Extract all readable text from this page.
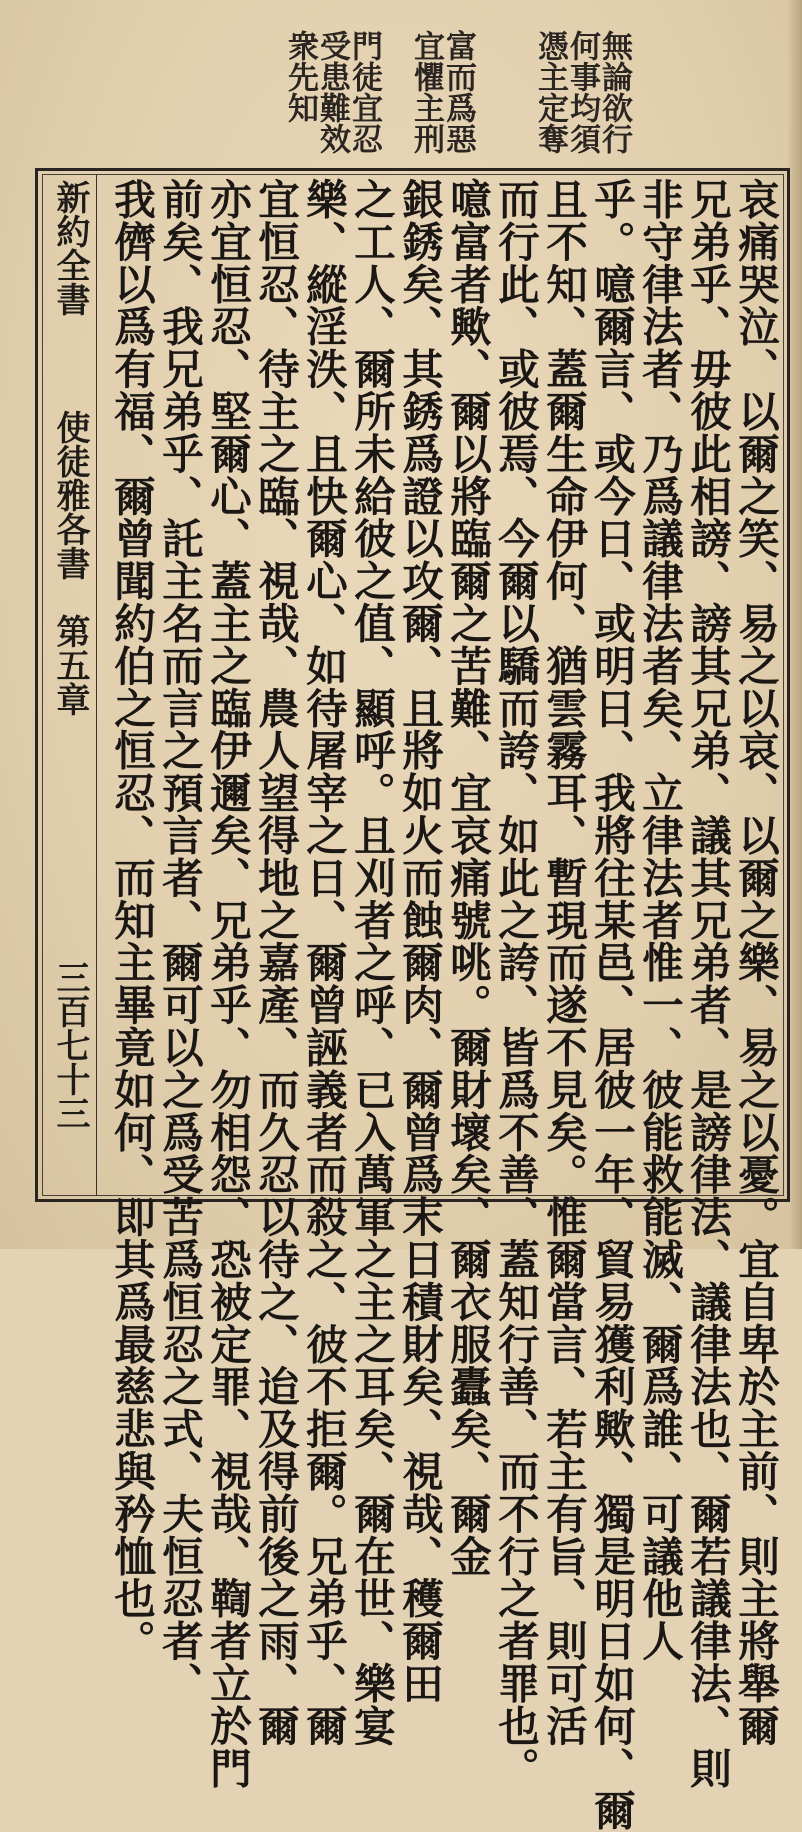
無論欲行
何事均須
憑主定奪
富而爲惡
宜懼主刑
門徒宜忍
受患難效
衆先知
哀痛哭泣、以爾之笑、易之以哀、以爾之樂、易之以憂。宜自卑於主前、則主將舉爾
兄弟乎、毋彼此相謗、謗其兄弟、議其兄弟者、是謗律法、議律法也、爾若議律法、則
非守律法者、乃爲議律法者矣、立律法者惟一、彼能救能滅、爾爲誰、可議他人
乎。噫爾言、或今日、或明日、我將往某邑、居彼一年、貿易獲利歟、獨是明日如何、爾
且不知、蓋爾生命伊何、猶雲霧耳、暫現而遂不見矣。惟爾當言、若主有旨、則可活
而行此、或彼焉、今爾以驕而誇、如此之誇、皆爲不善、蓋知行善、而不行之者罪也。
噫富者歟、爾以將臨爾之苦難、宜哀痛號咷。爾財壞矣、爾衣服蠹矣、爾金
銀銹矣、其銹爲證以攻爾、且將如火而蝕爾肉、爾曾爲末日積財矣、視哉、穫爾田
之工人、爾所未給彼之值、顯呼。且刈者之呼、已入萬軍之主之耳矣、爾在世、樂宴
樂、縱淫泆、且快爾心、如待屠宰之日、爾曾誣義者而殺之、彼不拒爾。兄弟乎、爾
宜恒忍、待主之臨、視哉、農人望得地之嘉產、而久忍以待之、迨及得前後之雨、爾
亦宜恒忍、堅爾心、蓋主之臨伊邇矣、兄弟乎、勿相怨、恐被定罪、視哉、鞫者立於門
前矣、我兄弟乎、託主名而言之預言者、爾可以之爲受苦爲恒忍之式、夫恒忍者、
我儕以爲有福、爾曾聞約伯之恒忍、而知主畢竟如何、即其爲最慈悲與矜恤也。
新約全書
使徒雅各書　第五章
三百七十三
